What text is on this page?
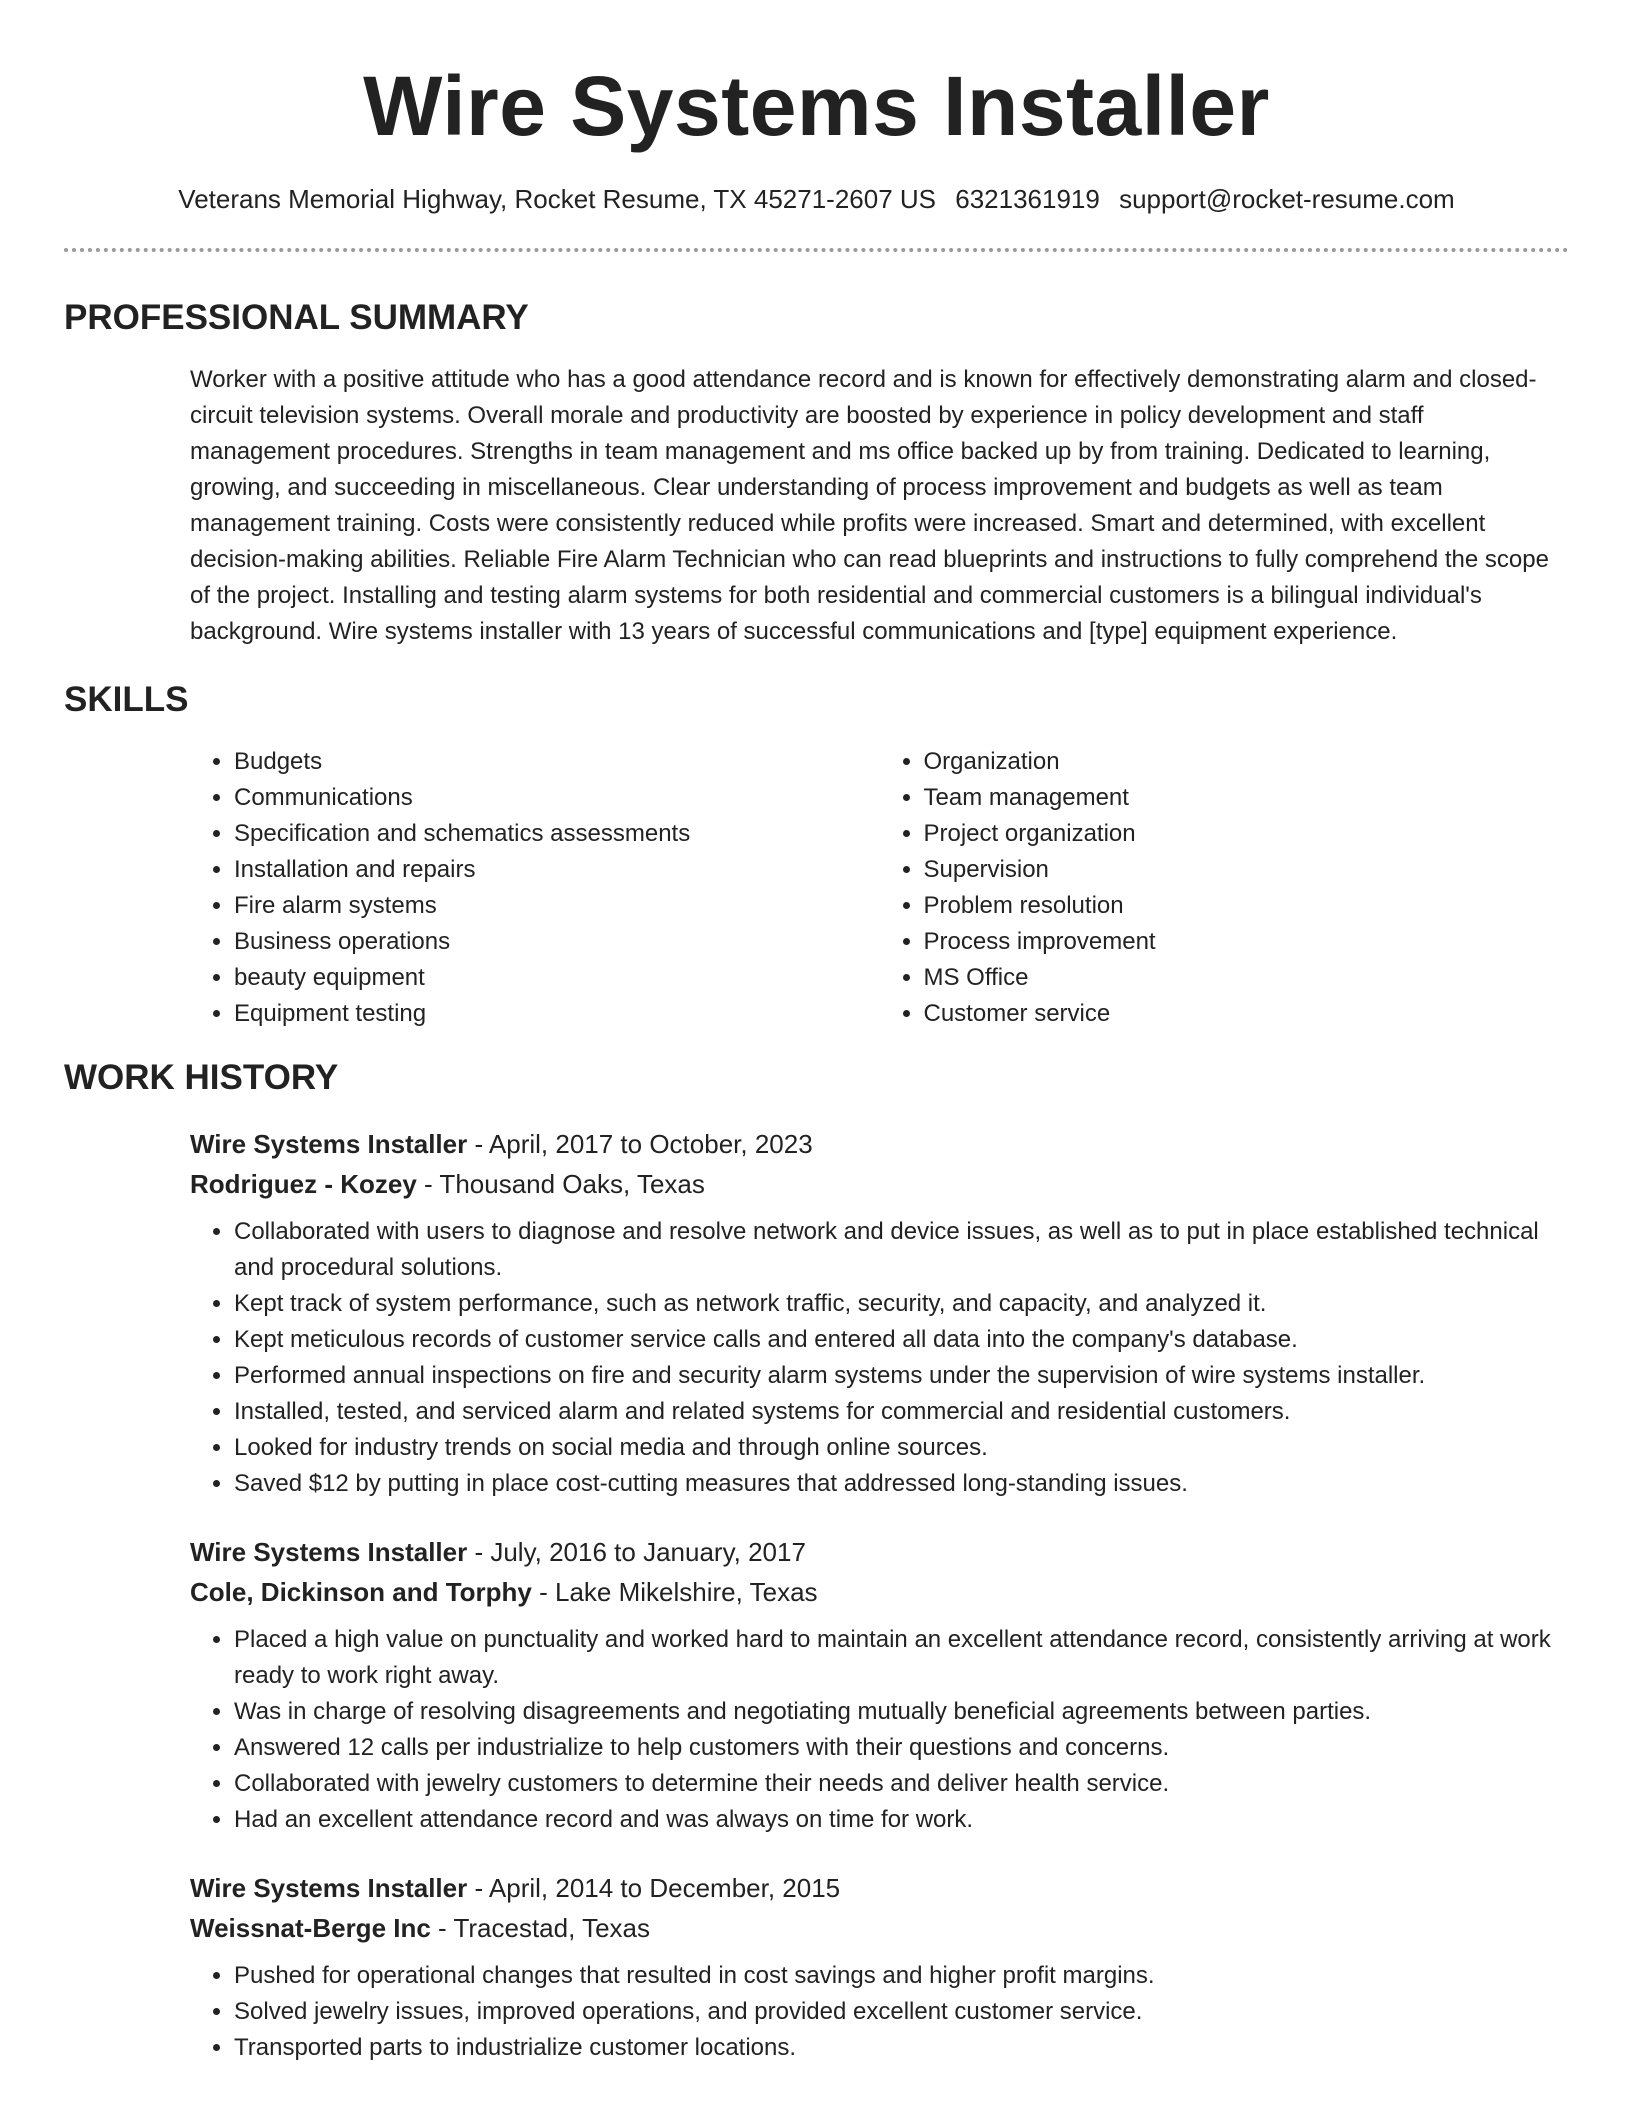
Wire Systems Installer
Veterans Memorial Highway, Rocket Resume, TX 45271-2607 US 6321361919 support@rocket-resume.com
PROFESSIONAL SUMMARY

Worker with a positive attitude who has a good attendance record and is known for effectively demonstrating alarm and closed-circuit television systems. Overall morale and productivity are boosted by experience in policy development and staff management procedures. Strengths in team management and ms office backed up by from training. Dedicated to learning, growing, and succeeding in miscellaneous. Clear understanding of process improvement and budgets as well as team management training. Costs were consistently reduced while profits were increased. Smart and determined, with excellent decision-making abilities. Reliable Fire Alarm Technician who can read blueprints and instructions to fully comprehend the scope of the project. Installing and testing alarm systems for both residential and commercial customers is a bilingual individual's background. Wire systems installer with 13 years of successful communications and [type] equipment experience.

SKILLS
• Budgets
• Communications
• Specification and schematics assessments
• Installation and repairs
• Fire alarm systems
• Business operations
• beauty equipment
• Equipment testing
• Organization
• Team management
• Project organization
• Supervision
• Problem resolution
• Process improvement
• MS Office
• Customer service
WORK HISTORY
Wire Systems Installer - April, 2017 to October, 2023
Rodriguez - Kozey - Thousand Oaks, Texas
• Collaborated with users to diagnose and resolve network and device issues, as well as to put in place established technical and procedural solutions.
• Kept track of system performance, such as network traffic, security, and capacity, and analyzed it.
• Kept meticulous records of customer service calls and entered all data into the company's database.
• Performed annual inspections on fire and security alarm systems under the supervision of wire systems installer.
• Installed, tested, and serviced alarm and related systems for commercial and residential customers.
• Looked for industry trends on social media and through online sources.
• Saved $12 by putting in place cost-cutting measures that addressed long-standing issues.
Wire Systems Installer - July, 2016 to January, 2017
Cole, Dickinson and Torphy - Lake Mikelshire, Texas
• Placed a high value on punctuality and worked hard to maintain an excellent attendance record, consistently arriving at work ready to work right away.
• Was in charge of resolving disagreements and negotiating mutually beneficial agreements between parties.
• Answered 12 calls per industrialize to help customers with their questions and concerns.
• Collaborated with jewelry customers to determine their needs and deliver health service.
• Had an excellent attendance record and was always on time for work.
Wire Systems Installer - April, 2014 to December, 2015
Weissnat-Berge Inc - Tracestad, Texas
• Pushed for operational changes that resulted in cost savings and higher profit margins.
• Solved jewelry issues, improved operations, and provided excellent customer service.
• Transported parts to industrialize customer locations.
